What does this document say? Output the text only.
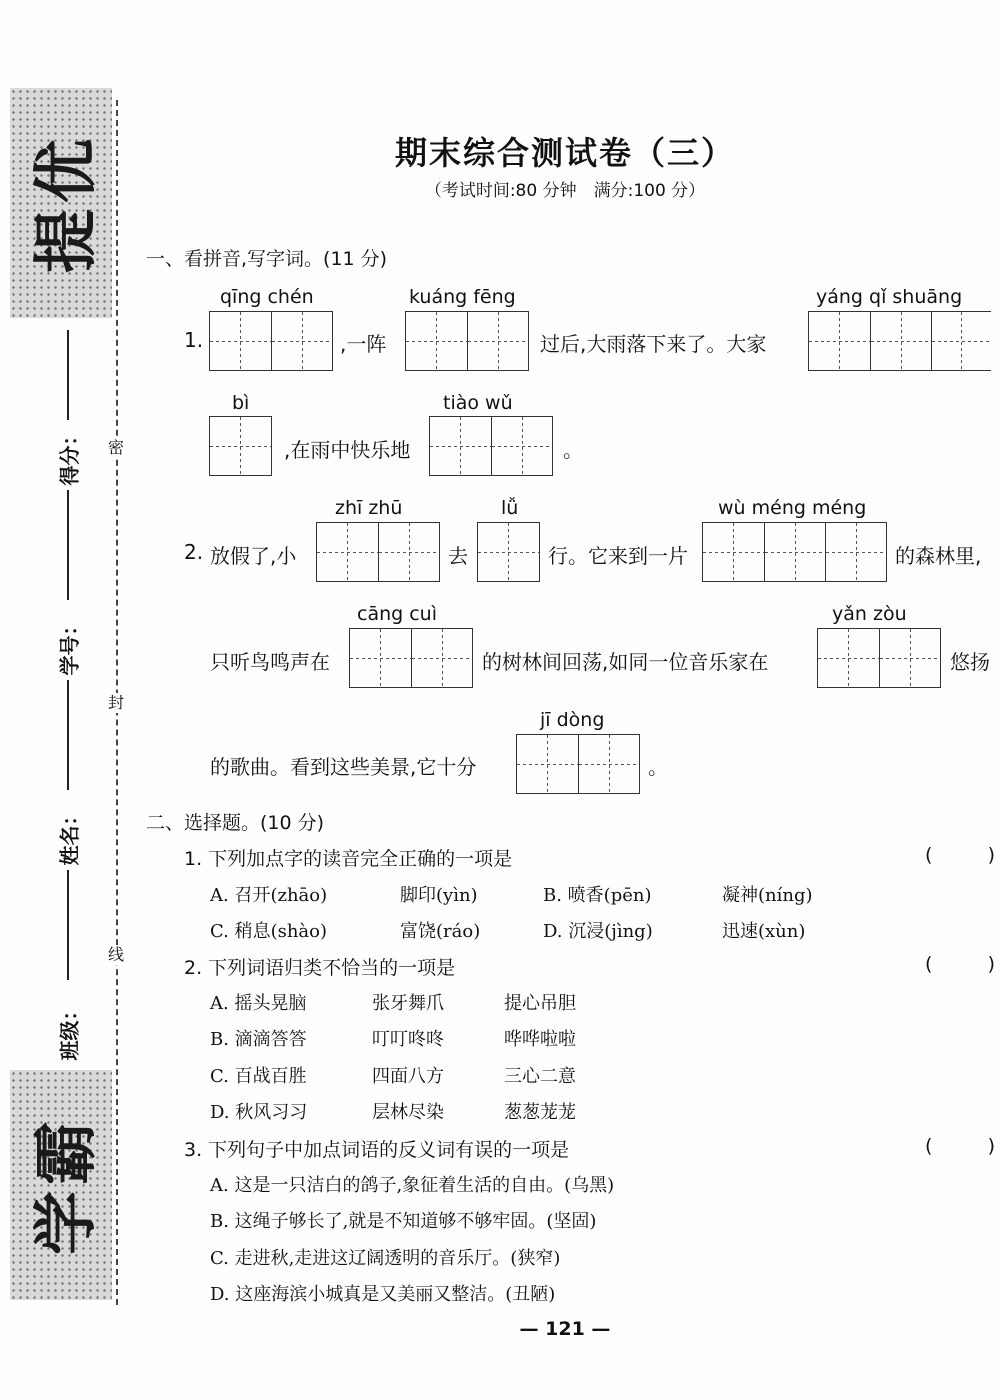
提优
学霸
得分：
学号：
姓名：
班级：
密
封
线
期末综合测试卷（三）
（考试时间:80 分钟　满分:100 分）
一、看拼音,写字词。(11 分)
qīng chén	kuáng fēng	yáng qǐ shuāng
1.	,一阵	过后,大雨落下来了。大家
bì	tiào wǔ
,在雨中快乐地	。
zhī zhū	lǚ	wù méng méng
2. 放假了,小	去	行。它来到一片	的森林里,
cāng cuì	yǎn zòu
只听鸟鸣声在	的树林间回荡,如同一位音乐家在	悠扬
jī dòng
的歌曲。看到这些美景,它十分	。
二、选择题。(10 分)
1. 下列加点字的读音完全正确的一项是	(	)
A. 召开(zhāo)	脚印(yìn)	B. 喷香(pēn)	凝神(níng)
C. 稍息(shào)	富饶(ráo)	D. 沉浸(jìng)	迅速(xùn)
2. 下列词语归类不恰当的一项是	(	)
A. 摇头晃脑	张牙舞爪	提心吊胆
B. 滴滴答答	叮叮咚咚	哗哗啦啦
C. 百战百胜	四面八方	三心二意
D. 秋风习习	层林尽染	葱葱茏茏
3. 下列句子中加点词语的反义词有误的一项是	(	)
A. 这是一只洁白的鸽子,象征着生活的自由。(乌黑)
B. 这绳子够长了,就是不知道够不够牢固。(坚固)
C. 走进秋,走进这辽阔透明的音乐厅。(狭窄)
D. 这座海滨小城真是又美丽又整洁。(丑陋)
— 121 —
